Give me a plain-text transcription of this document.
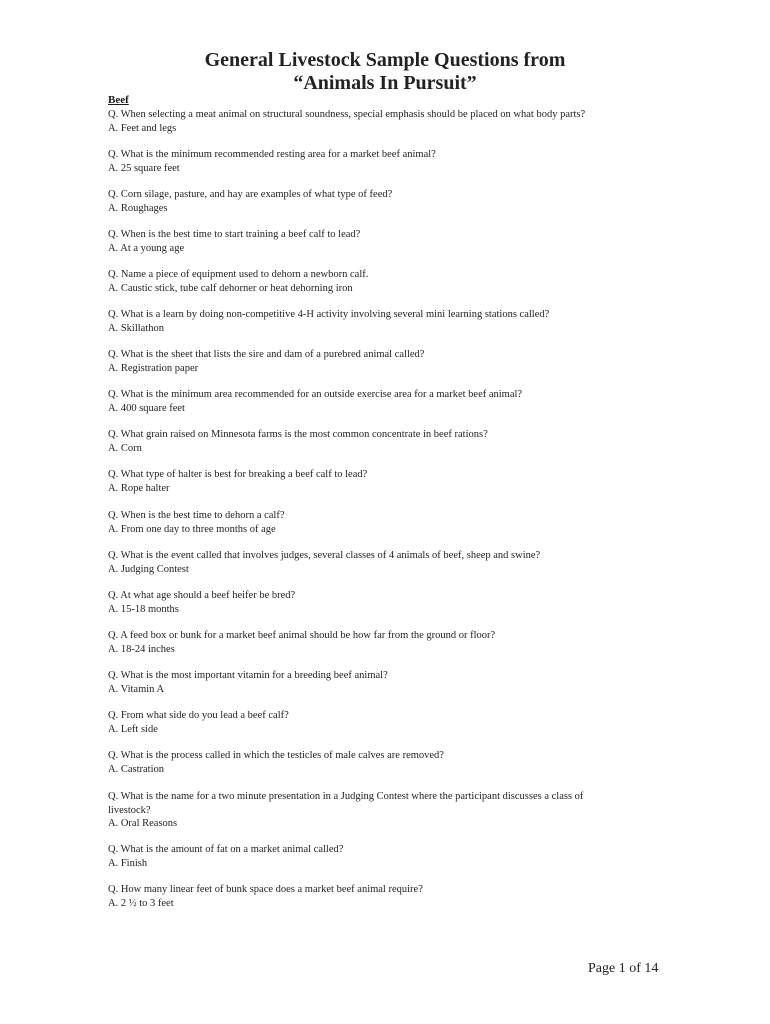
General Livestock Sample Questions from
“Animals In Pursuit”
Beef
Q. When selecting a meat animal on structural soundness, special emphasis should be placed on what body parts?
A. Feet and legs
Q. What is the minimum recommended resting area for a market beef animal?
A. 25 square feet
Q. Corn silage, pasture, and hay are examples of what type of feed?
A. Roughages
Q. When is the best time to start training a beef calf to lead?
A. At a young age
Q. Name a piece of equipment used to dehorn a newborn calf.
A. Caustic stick, tube calf dehorner or heat dehorning iron
Q. What is a learn by doing non-competitive 4-H activity involving several mini learning stations called?
A. Skillathon
Q. What is the sheet that lists the sire and dam of a purebred animal called?
A. Registration paper
Q. What is the minimum area recommended for an outside exercise area for a market beef animal?
A. 400 square feet
Q. What grain raised on Minnesota farms is the most common concentrate in beef rations?
A. Corn
Q. What type of halter is best for breaking a beef calf to lead?
A. Rope halter
Q. When is the best time to dehorn a calf?
A. From one day to three months of age
Q. What is the event called that involves judges, several classes of 4 animals of beef, sheep and swine?
A. Judging Contest
Q. At what age should a beef heifer be bred?
A. 15-18 months
Q. A feed box or bunk for a market beef animal should be how far from the ground or floor?
A. 18-24 inches
Q. What is the most important vitamin for a breeding beef animal?
A. Vitamin A
Q. From what side do you lead a beef calf?
A. Left side
Q. What is the process called in which the testicles of male calves are removed?
A. Castration
Q. What is the name for a two minute presentation in a Judging Contest where the participant discusses a class of livestock?
A. Oral Reasons
Q. What is the amount of fat on a market animal called?
A. Finish
Q. How many linear feet of bunk space does a market beef animal require?
A. 2 ½ to 3 feet
Page 1 of 14
